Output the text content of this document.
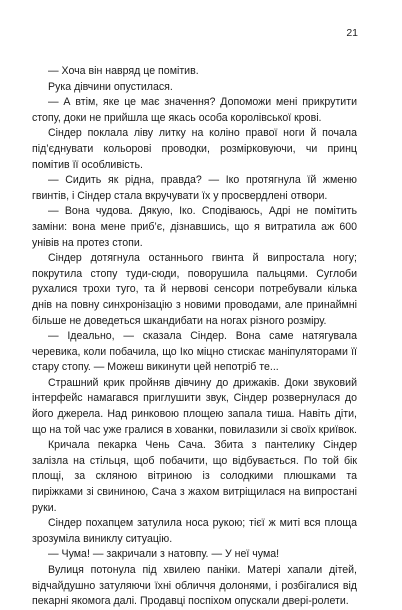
21

— Хоча він навряд це помітив.

Рука дівчини опустилася.

— А втім, яке це має значення? Допоможи мені прикрутити стопу, доки не прийшла ще якась особа королівської крові.

Сіндер поклала ліву литку на коліно правої ноги й почала під’єднувати кольорові проводки, розмірковуючи, чи принц помітив її особливість.

— Сидить як рідна, правда? — Іко протягнула їй жменю гвинтів, і Сіндер стала вкручувати їх у просвердлені отвори.

— Вона чудова. Дякую, Іко. Сподіваюсь, Адрі не помітить заміни: вона мене приб’є, дізнавшись, що я витратила аж 600 унівів на протез стопи.

Сіндер дотягнула останнього гвинта й випростала ногу; покрутила стопу туди-сюди, поворушила пальцями. Суглоби рухалися трохи туго, та й нервові сенсори потребували кілька днів на повну синхронізацію з новими проводами, але принаймні більше не доведеться шкандибати на ногах різного розміру.

— Ідеально, — сказала Сіндер. Вона саме натягувала черевика, коли побачила, що Іко міцно стискає маніпуляторами її стару стопу. — Можеш викинути цей непотріб те...

Страшний крик пройняв дівчину до дрижаків. Доки звуковий інтерфейс намагався приглушити звук, Сіндер розвернулася до його джерела. Над ринковою площею запала тиша. Навіть діти, що на той час уже гралися в хованки, повилазили зі своїх криївок.

Кричала пекарка Чень Сача. Збита з пантелику Сіндер залізла на стільця, щоб побачити, що відбувається. По той бік площі, за скляною вітриною із солодкими плюшками та пиріжками зі свининою, Сача з жахом витріщилася на випростані руки.

Сіндер похапцем затулила носа рукою; тієї ж миті вся площа зрозуміла виниклу ситуацію.

— Чума! — закричали з натовпу. — У неї чума!

Вулиця потонула під хвилею паніки. Матері хапали дітей, відчайдушно затуляючи їхні обличчя долонями, і розбігалися від пекарні якомога далі. Продавці поспіхом опускали двері-ролети.
